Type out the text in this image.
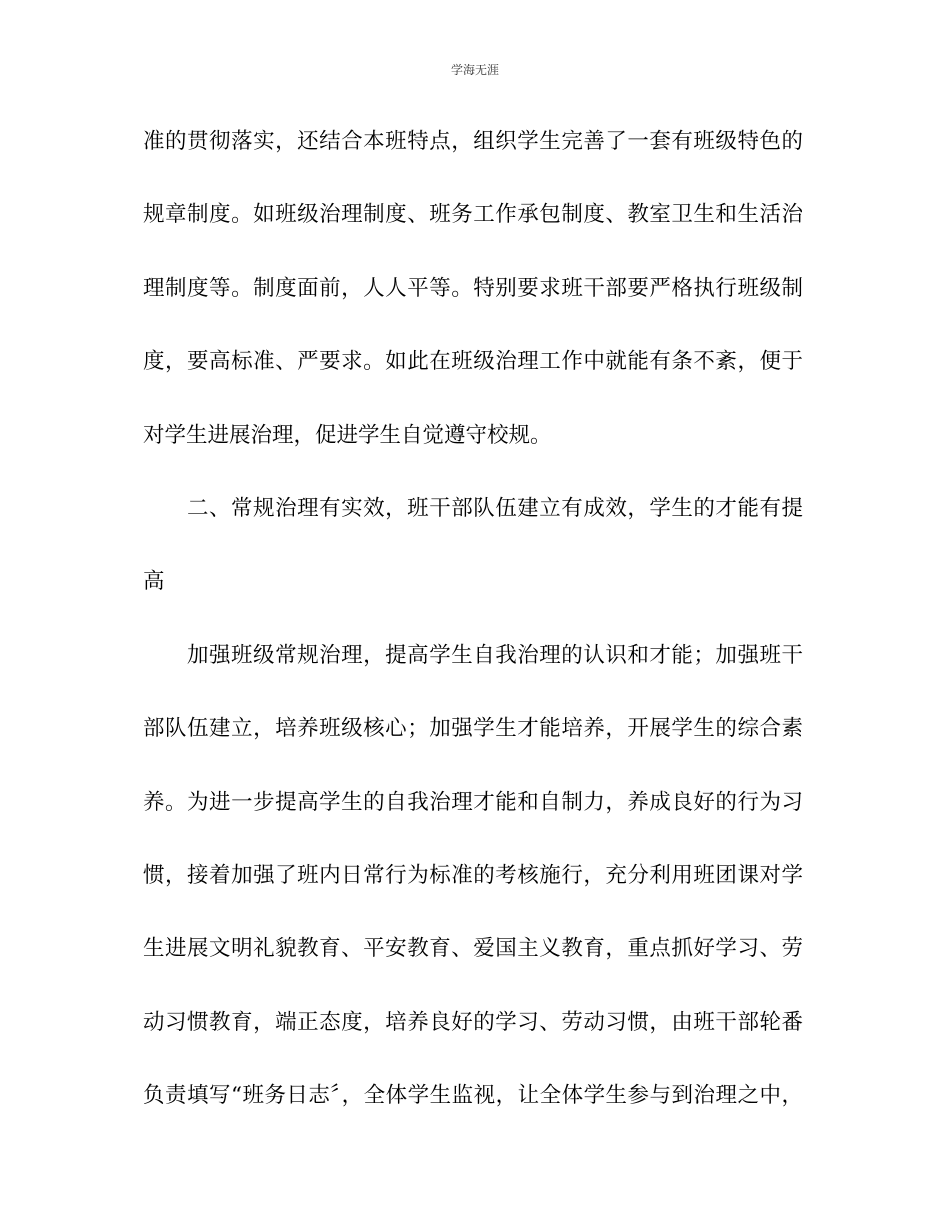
学海无涯
准的贯彻落实，还结合本班特点，组织学生完善了一套有班级特色的
规章制度。如班级治理制度、班务工作承包制度、教室卫生和生活治
理制度等。制度面前，人人平等。特别要求班干部要严格执行班级制
度，要高标准、严要求。如此在班级治理工作中就能有条不紊，便于
对学生进展治理，促进学生自觉遵守校规。
二、常规治理有实效，班干部队伍建立有成效，学生的才能有提
高
加强班级常规治理，提高学生自我治理的认识和才能；加强班干
部队伍建立，培养班级核心；加强学生才能培养，开展学生的综合素
养。为进一步提高学生的自我治理才能和自制力，养成良好的行为习
惯，接着加强了班内日常行为标准的考核施行，充分利用班团课对学
生进展文明礼貌教育、平安教育、爱国主义教育，重点抓好学习、劳
动习惯教育，端正态度，培养良好的学习、劳动习惯，由班干部轮番
负责填写“班务日志〞，全体学生监视，让全体学生参与到治理之中，
